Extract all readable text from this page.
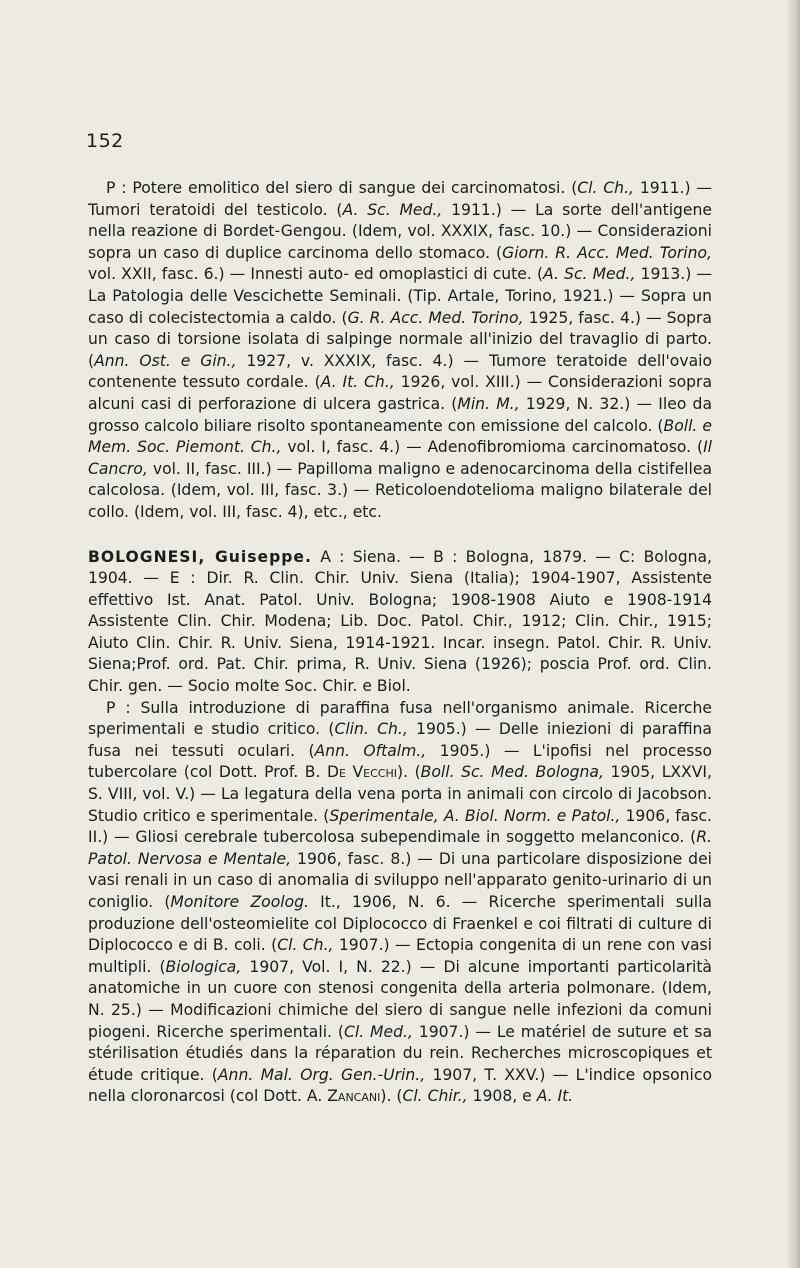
152

P : Potere emolitico del siero di sangue dei carcinomatosi. (Cl. Ch., 1911.) — Tumori teratoidi del testicolo. (A. Sc. Med., 1911.) — La sorte dell'antigene nella reazione di Bordet-Gengou. (Idem, vol. XXXIX, fasc. 10.) — Considerazioni sopra un caso di duplice carcinoma dello stomaco. (Giorn. R. Acc. Med. Torino, vol. XXII, fasc. 6.) — Innesti auto- ed omoplastici di cute. (A. Sc. Med., 1913.) — La Patologia delle Vescichette Seminali. (Tip. Artale, Torino, 1921.) — Sopra un caso di colecistectomia a caldo. (G. R. Acc. Med. Torino, 1925, fasc. 4.) — Sopra un caso di torsione isolata di salpinge normale all'inizio del travaglio di parto. (Ann. Ost. e Gin., 1927, v. XXXIX, fasc. 4.) — Tumore teratoide dell'ovaio contenente tessuto cordale. (A. It. Ch., 1926, vol. XIII.) — Considerazioni sopra alcuni casi di perforazione di ulcera gastrica. (Min. M., 1929, N. 32.) — Ileo da grosso calcolo biliare risolto spontaneamente con emissione del calcolo. (Boll. e Mem. Soc. Piemont. Ch., vol. I, fasc. 4.) — Adenofibromioma carcinomatoso. (Il Cancro, vol. II, fasc. III.) — Papilloma maligno e adenocarcinoma della cistifellea calcolosa. (Idem, vol. III, fasc. 3.) — Reticoloendotelioma maligno bilaterale del collo. (Idem, vol. III, fasc. 4), etc., etc.

BOLOGNESI, Guiseppe. A : Siena. — B : Bologna, 1879. — C: Bologna, 1904. — E : Dir. R. Clin. Chir. Univ. Siena (Italia); 1904-1907, Assistente effettivo Ist. Anat. Patol. Univ. Bologna; 1908-1908 Aiuto e 1908-1914 Assistente Clin. Chir. Modena; Lib. Doc. Patol. Chir., 1912; Clin. Chir., 1915; Aiuto Clin. Chir. R. Univ. Siena, 1914-1921. Incar. insegn. Patol. Chir. R. Univ. Siena;Prof. ord. Pat. Chir. prima, R. Univ. Siena (1926); poscia Prof. ord. Clin. Chir. gen. — Socio molte Soc. Chir. e Biol.

P : Sulla introduzione di paraffina fusa nell'organismo animale. Ricerche sperimentali e studio critico. (Clin. Ch., 1905.) — Delle iniezioni di paraffina fusa nei tessuti oculari. (Ann. Oftalm., 1905.) — L'ipofisi nel processo tubercolare (col Dott. Prof. B. De Vecchi). (Boll. Sc. Med. Bologna, 1905, LXXVI, S. VIII, vol. V.) — La legatura della vena porta in animali con circolo di Jacobson. Studio critico e sperimentale. (Sperimentale, A. Biol. Norm. e Patol., 1906, fasc. II.) — Gliosi cerebrale tubercolosa subependimale in soggetto melanconico. (R. Patol. Nervosa e Mentale, 1906, fasc. 8.) — Di una particolare disposizione dei vasi renali in un caso di anomalia di sviluppo nell'apparato genito-urinario di un coniglio. (Monitore Zoolog. It., 1906, N. 6. — Ricerche sperimentali sulla produzione dell'osteomielite col Diplococco di Fraenkel e coi filtrati di culture di Diplococco e di B. coli. (Cl. Ch., 1907.) — Ectopia congenita di un rene con vasi multipli. (Biologica, 1907, Vol. I, N. 22.) — Di alcune importanti particolarità anatomiche in un cuore con stenosi congenita della arteria polmonare. (Idem, N. 25.) — Modificazioni chimiche del siero di sangue nelle infezioni da comuni piogeni. Ricerche sperimentali. (Cl. Med., 1907.) — Le matériel de suture et sa stérilisation étudiés dans la réparation du rein. Recherches microscopiques et étude critique. (Ann. Mal. Org. Gen.-Urin., 1907, T. XXV.) — L'indice opsonico nella cloronarcosi (col Dott. A. Zancani). (Cl. Chir., 1908, e A. It.
